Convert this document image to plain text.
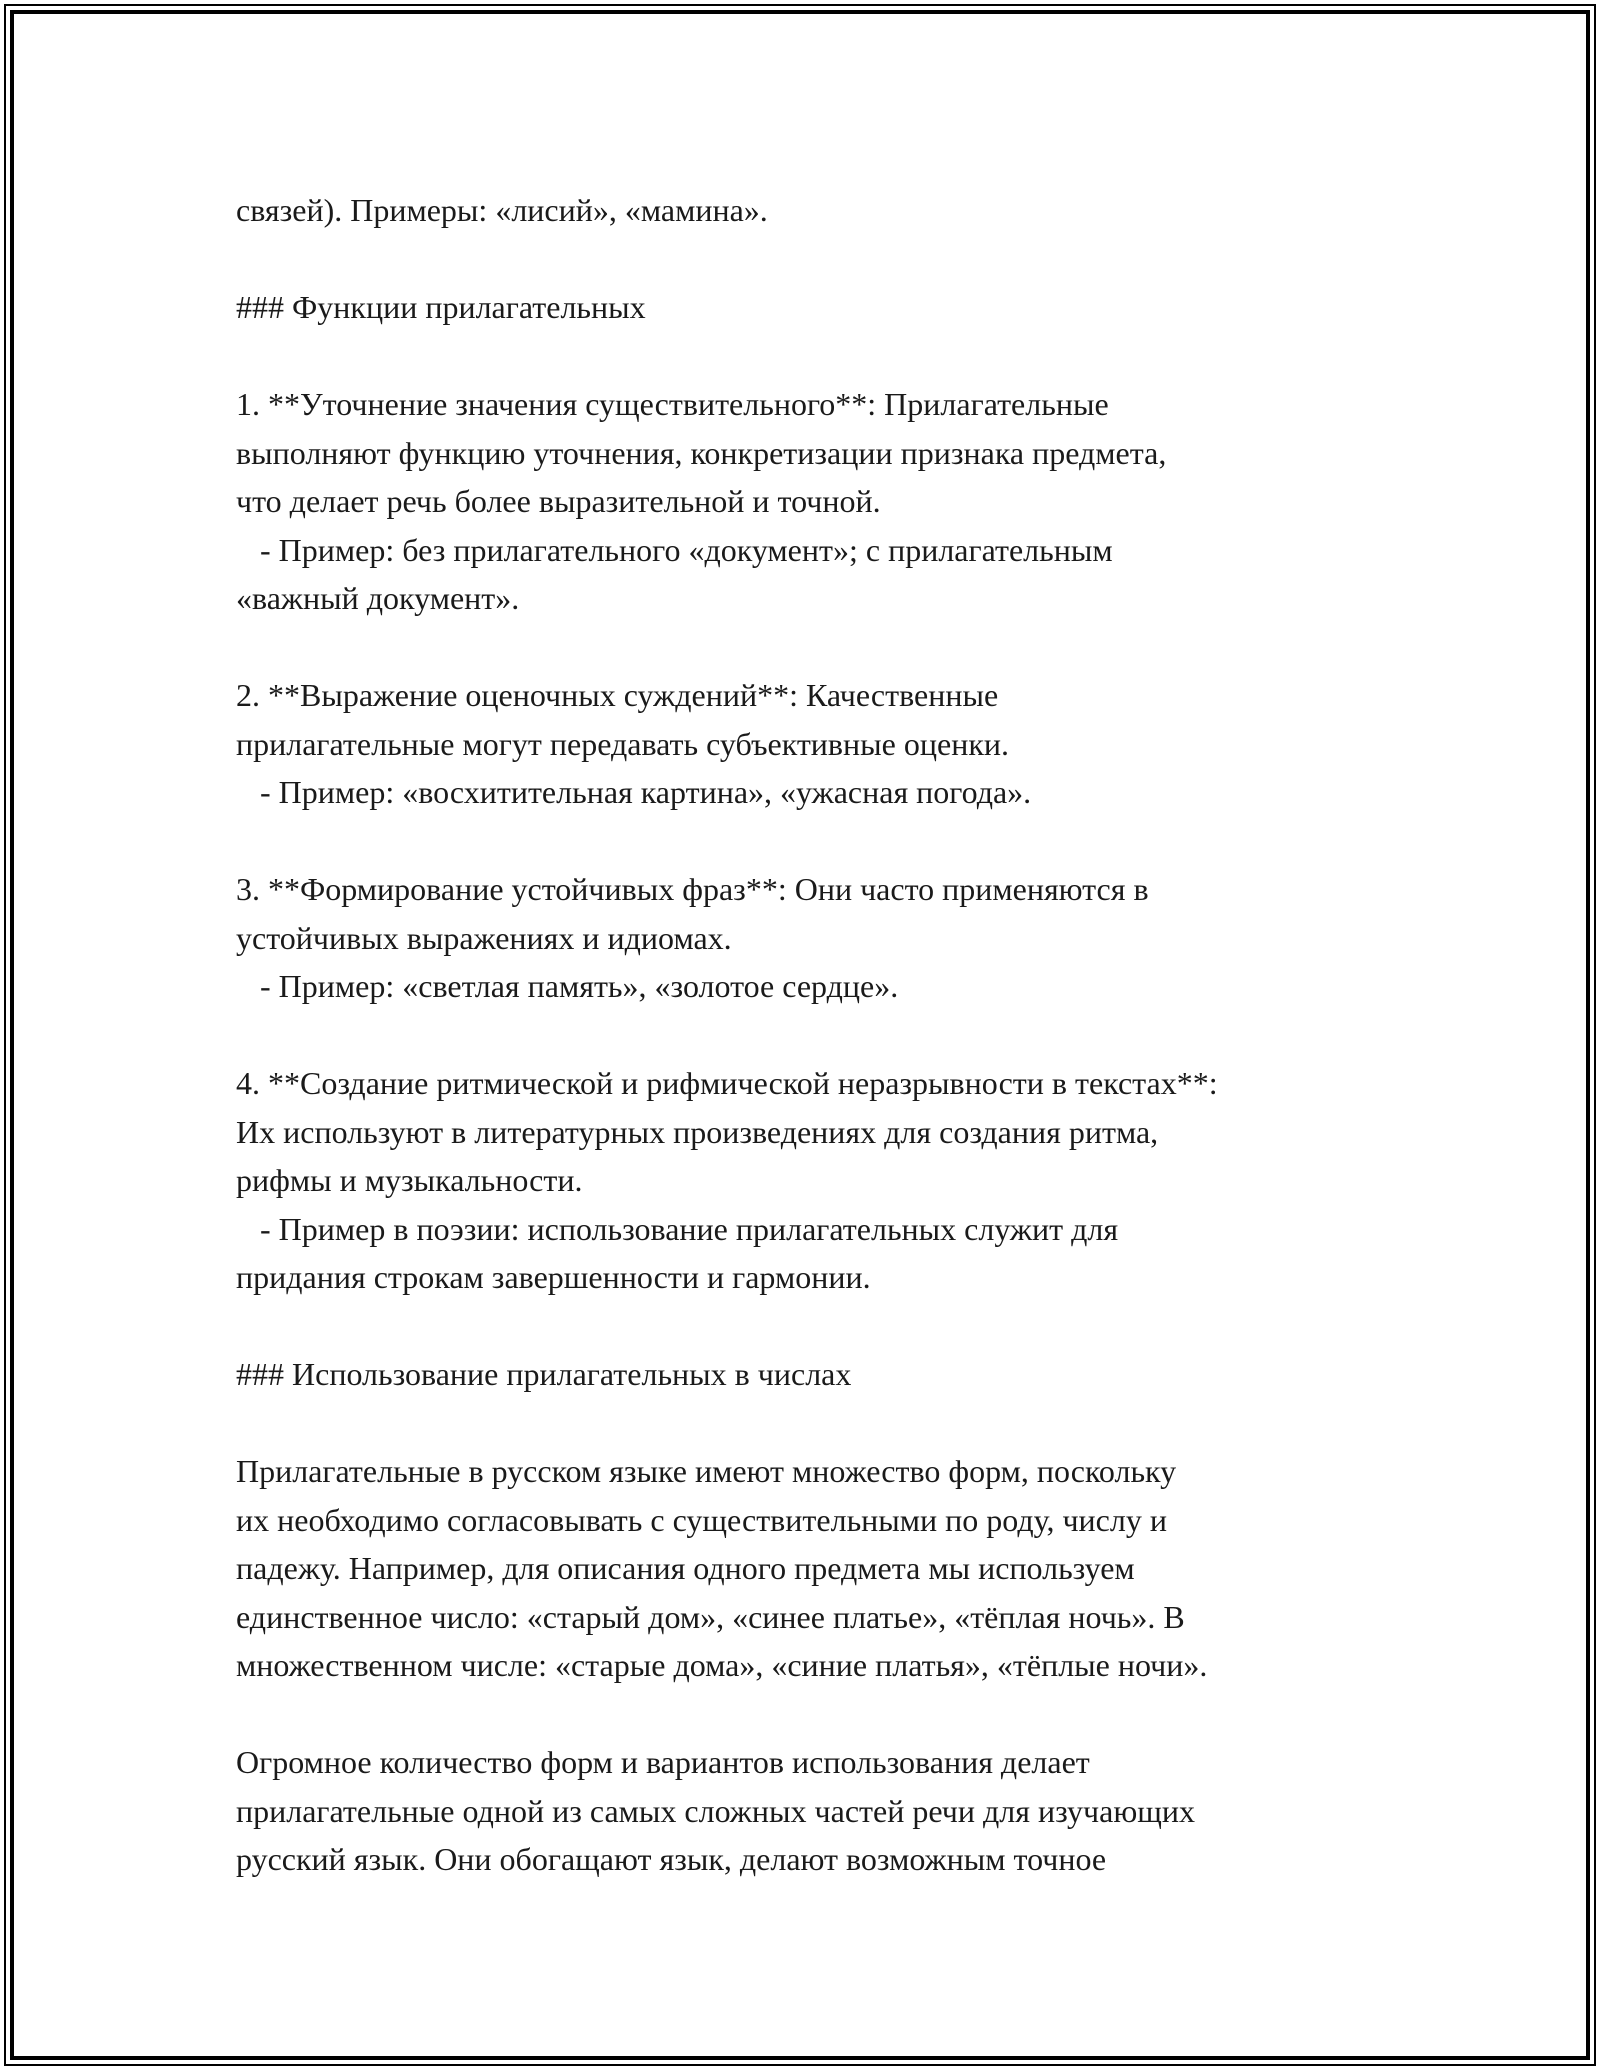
связей). Примеры: «лисий», «мамина».
### Функции прилагательных
1. **Уточнение значения существительного**: Прилагательные
выполняют функцию уточнения, конкретизации признака предмета,
что делает речь более выразительной и точной.
- Пример: без прилагательного «документ»; с прилагательным
«важный документ».
2. **Выражение оценочных суждений**: Качественные
прилагательные могут передавать субъективные оценки.
- Пример: «восхитительная картина», «ужасная погода».
3. **Формирование устойчивых фраз**: Они часто применяются в
устойчивых выражениях и идиомах.
- Пример: «светлая память», «золотое сердце».
4. **Создание ритмической и рифмической неразрывности в текстах**:
Их используют в литературных произведениях для создания ритма,
рифмы и музыкальности.
- Пример в поэзии: использование прилагательных служит для
придания строкам завершенности и гармонии.
### Использование прилагательных в числах
Прилагательные в русском языке имеют множество форм, поскольку
их необходимо согласовывать с существительными по роду, числу и
падежу. Например, для описания одного предмета мы используем
единственное число: «старый дом», «синее платье», «тёплая ночь». В
множественном числе: «старые дома», «синие платья», «тёплые ночи».
Огромное количество форм и вариантов использования делает
прилагательные одной из самых сложных частей речи для изучающих
русский язык. Они обогащают язык, делают возможным точное
